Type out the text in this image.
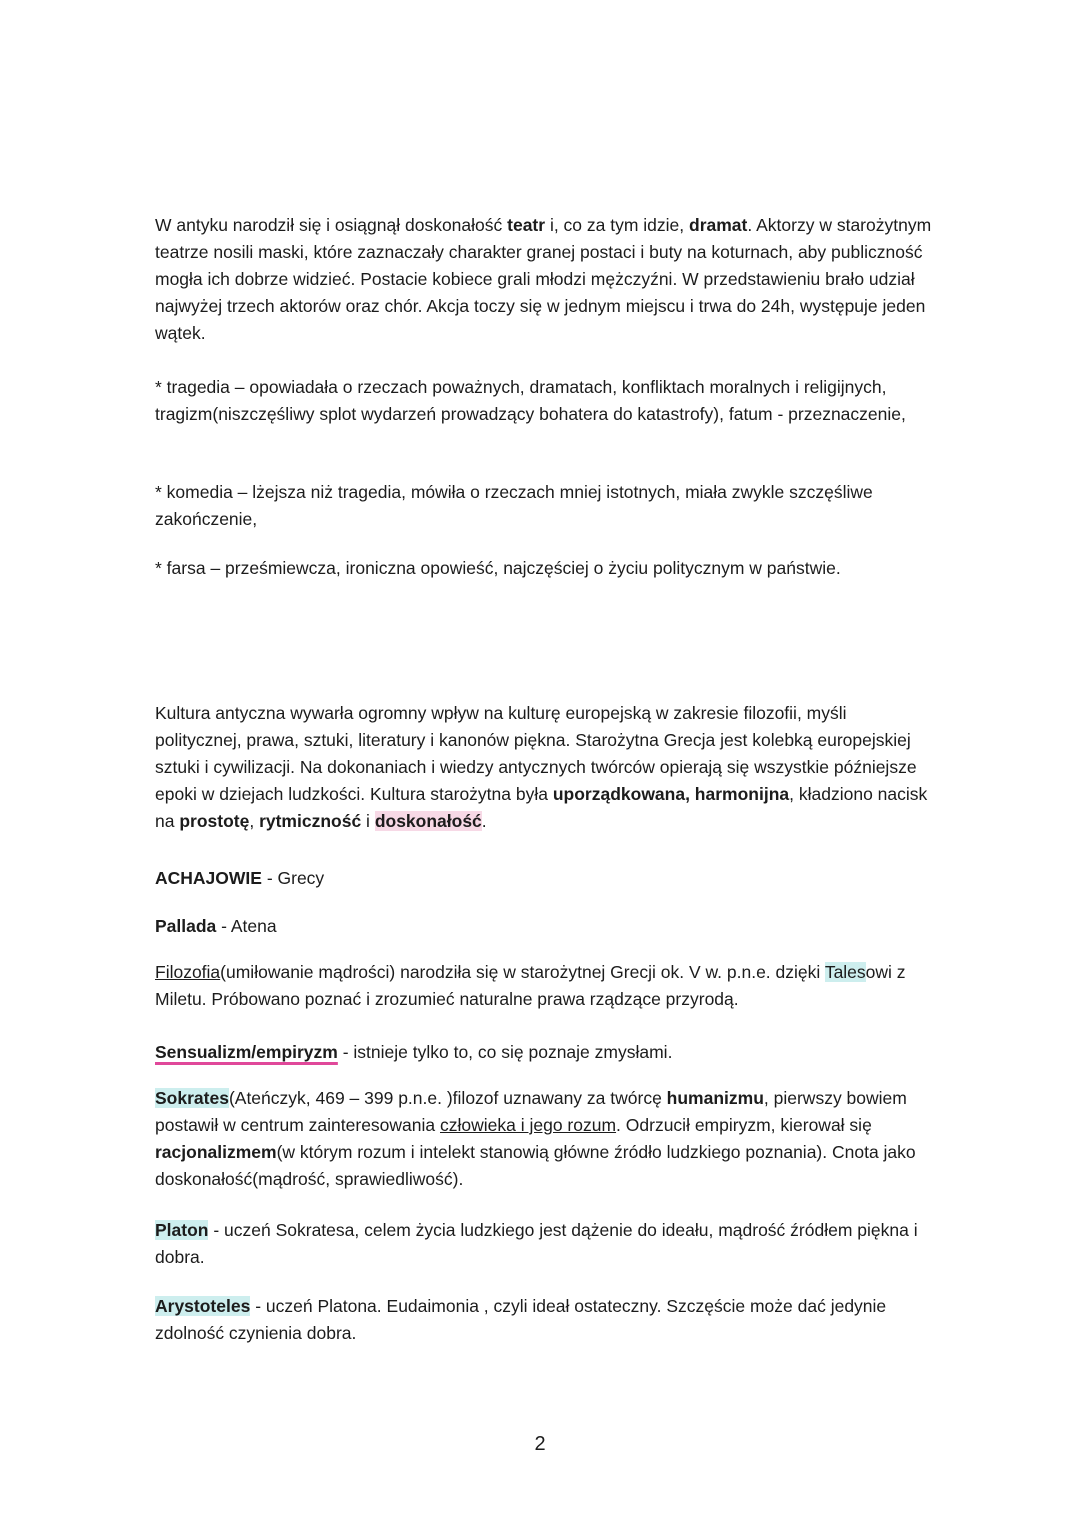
W antyku narodził się i osiągnął doskonałość teatr i, co za tym idzie, dramat. Aktorzy w starożytnym teatrze nosili maski, które zaznaczały charakter granej postaci i buty na koturnach, aby publiczność mogła ich dobrze widzieć. Postacie kobiece grali młodzi mężczyźni. W przedstawieniu brało udział najwyżej trzech aktorów oraz chór. Akcja toczy się w jednym miejscu i trwa do 24h, występuje jeden wątek.

* tragedia – opowiadała o rzeczach poważnych, dramatach, konfliktach moralnych i religijnych, tragizm(niszczęśliwy splot wydarzeń prowadzący bohatera do katastrofy), fatum - przeznaczenie,

* komedia – lżejsza niż tragedia, mówiła o rzeczach mniej istotnych, miała zwykle szczęśliwe zakończenie,

* farsa – prześmiewcza, ironiczna opowieść, najczęściej o życiu politycznym w państwie.

Kultura antyczna wywarła ogromny wpływ na kulturę europejską w zakresie filozofii, myśli politycznej, prawa, sztuki, literatury i kanonów piękna. Starożytna Grecja jest kolebką europejskiej sztuki i cywilizacji. Na dokonaniach i wiedzy antycznych twórców opierają się wszystkie późniejsze epoki w dziejach ludzkości. Kultura starożytna była uporządkowana, harmonijna, kładziono nacisk na prostotę, rytmiczność i doskonałość.

ACHAJOWIE - Grecy

Pallada - Atena

Filozofia(umiłowanie mądrości) narodziła się w starożytnej Grecji ok. V w. p.n.e. dzięki Talesowi z Miletu. Próbowano poznać i zrozumieć naturalne prawa rządzące przyrodą.

Sensualizm/empiryzm - istnieje tylko to, co się poznaje zmysłami.

Sokrates(Ateńczyk, 469 – 399 p.n.e. )filozof uznawany za twórcę humanizmu, pierwszy bowiem postawił w centrum zainteresowania człowieka i jego rozum. Odrzucił empiryzm, kierował się racjonalizmem(w którym rozum i intelekt stanowią główne źródło ludzkiego poznania). Cnota jako doskonałość(mądrość, sprawiedliwość).

Platon - uczeń Sokratesa, celem życia ludzkiego jest dążenie do ideału, mądrość źródłem piękna i dobra.

Arystoteles - uczeń Platona. Eudaimonia , czyli ideał ostateczny. Szczęście może dać jedynie zdolność czynienia dobra.

2
